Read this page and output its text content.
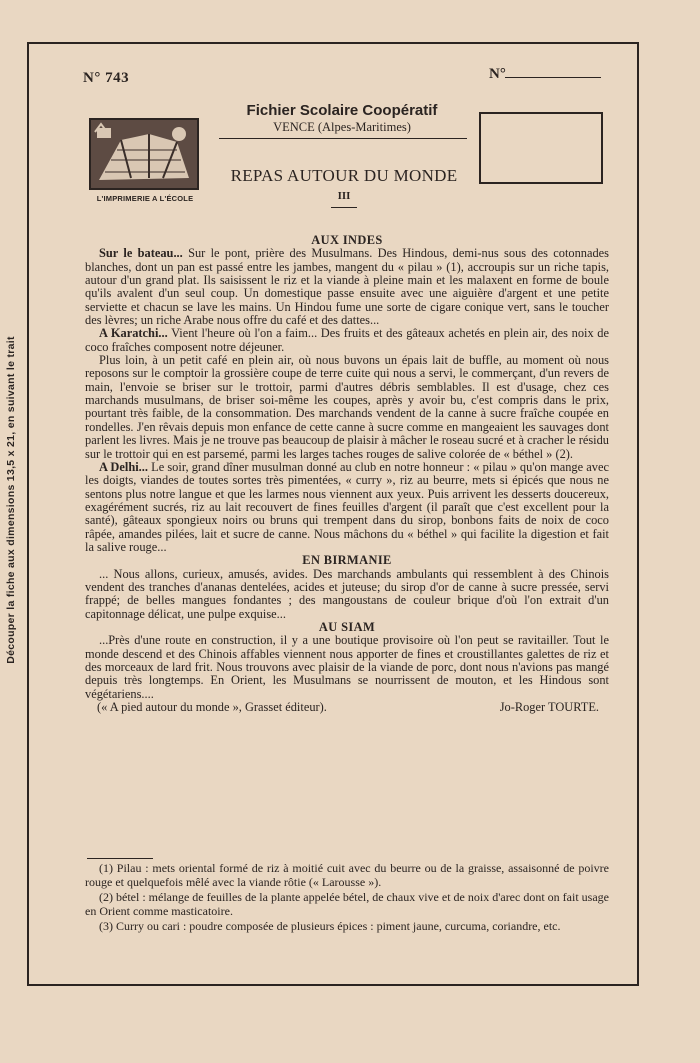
Découper la fiche aux dimensions 13,5 x 21, en suivant le trait
N° 743	N°
L'IMPRIMERIE A L'ÉCOLE
Fichier Scolaire Coopératif
VENCE (Alpes-Maritimes)
REPAS AUTOUR DU MONDE
III

AUX INDES

Sur le bateau... Sur le pont, prière des Musulmans. Des Hindous, demi-nus sous des cotonnades blanches, dont un pan est passé entre les jambes, mangent du « pilau » (1), accroupis sur un riche tapis, autour d'un grand plat. Ils saisissent le riz et la viande à pleine main et les malaxent en forme de boule qu'ils avalent d'un seul coup. Un domestique passe ensuite avec une aiguière d'argent et une petite serviette et chacun se lave les mains. Un Hindou fume une sorte de cigare conique vert, sans le toucher des lèvres; un riche Arabe nous offre du café et des dattes...

A Karatchi... Vient l'heure où l'on a faim... Des fruits et des gâteaux achetés en plein air, des noix de coco fraîches composent notre déjeuner.

Plus loin, à un petit café en plein air, où nous buvons un épais lait de buffle, au moment où nous reposons sur le comptoir la grossière coupe de terre cuite qui nous a servi, le commerçant, d'un revers de main, l'envoie se briser sur le trottoir, parmi d'autres débris semblables. Il est d'usage, chez ces marchands musulmans, de briser soi-même les coupes, après y avoir bu, c'est compris dans le prix, pourtant très faible, de la consommation. Des marchands vendent de la canne à sucre fraîche coupée en rondelles. J'en rêvais depuis mon enfance de cette canne à sucre comme en mangeaient les sauvages dont parlent les livres. Mais je ne trouve pas beaucoup de plaisir à mâcher le roseau sucré et à cracher le résidu sur le trottoir qui en est parsemé, parmi les larges taches rouges de salive colorée de « béthel » (2).

A Delhi... Le soir, grand dîner musulman donné au club en notre honneur : « pilau » qu'on mange avec les doigts, viandes de toutes sortes très pimentées, « curry », riz au beurre, mets si épicés que nous ne sentons plus notre langue et que les larmes nous viennent aux yeux. Puis arrivent les desserts doucereux, exagérément sucrés, riz au lait recouvert de fines feuilles d'argent (il paraît que c'est excellent pour la santé), gâteaux spongieux noirs ou bruns qui trempent dans du sirop, bonbons faits de noix de coco râpée, amandes pilées, lait et sucre de canne. Nous mâchons du « béthel » qui facilite la digestion et fait la salive rouge...

EN BIRMANIE

... Nous allons, curieux, amusés, avides. Des marchands ambulants qui ressemblent à des Chinois vendent des tranches d'ananas dentelées, acides et juteuse; du sirop d'or de canne à sucre pressée, servi frappé; de belles mangues fondantes ; des mangoustans de couleur brique d'où l'on extrait d'un capitonnage délicat, une pulpe exquise...

AU SIAM

...Près d'une route en construction, il y a une boutique provisoire où l'on peut se ravitailler. Tout le monde descend et des Chinois affables viennent nous apporter de fines et croustillantes galettes de riz et des morceaux de lard frit. Nous trouvons avec plaisir de la viande de porc, dont nous n'avions pas mangé depuis très longtemps. En Orient, les Musulmans se nourrissent de mouton, et les Hindous sont végétariens....

(« A pied autour du monde », Grasset éditeur).	Jo-Roger TOURTE.

(1) Pilau : mets oriental formé de riz à moitié cuit avec du beurre ou de la graisse, assaisonné de poivre rouge et quelquefois mêlé avec la viande rôtie (« Larousse »).

(2) bétel : mélange de feuilles de la plante appelée bétel, de chaux vive et de noix d'arec dont on fait usage en Orient comme masticatoire.

(3) Curry ou cari : poudre composée de plusieurs épices : piment jaune, curcuma, coriandre, etc.
